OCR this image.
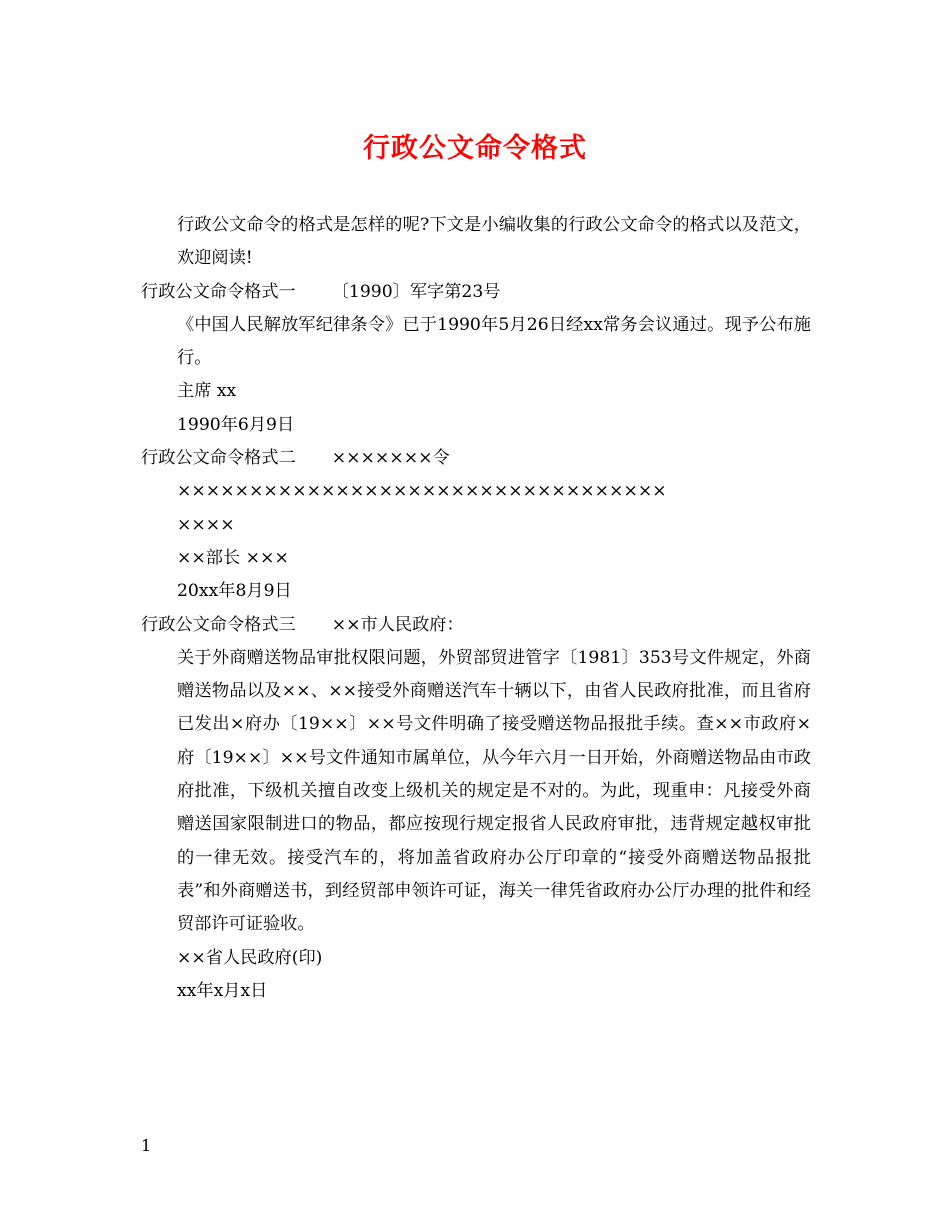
行政公文命令格式

行政公文命令的格式是怎样的呢?下文是小编收集的行政公文命令的格式以及范文，欢迎阅读!

行政公文命令格式一 〔1990〕军字第23号

《中国人民解放军纪律条令》已于1990年5月26日经xx常务会议通过。现予公布施行。

主席 xx

1990年6月9日

行政公文命令格式二 ×××××××令

××××××××××××××××××××××××××××××××××

××××

××部长 ×××

20xx年8月9日

行政公文命令格式三 ××市人民政府：

关于外商赠送物品审批权限问题，外贸部贸进管字〔1981〕353号文件规定，外商赠送物品以及××、××接受外商赠送汽车十辆以下，由省人民政府批准，而且省府已发出×府办〔19××〕××号文件明确了接受赠送物品报批手续。查××市政府×府〔19××〕××号文件通知市属单位，从今年六月一日开始，外商赠送物品由市政府批准，下级机关擅自改变上级机关的规定是不对的。为此，现重申：凡接受外商赠送国家限制进口的物品，都应按现行规定报省人民政府审批，违背规定越权审批的一律无效。接受汽车的，将加盖省政府办公厅印章的“接受外商赠送物品报批表”和外商赠送书，到经贸部申领许可证，海关一律凭省政府办公厅办理的批件和经贸部许可证验收。

××省人民政府(印)

xx年x月x日

1
